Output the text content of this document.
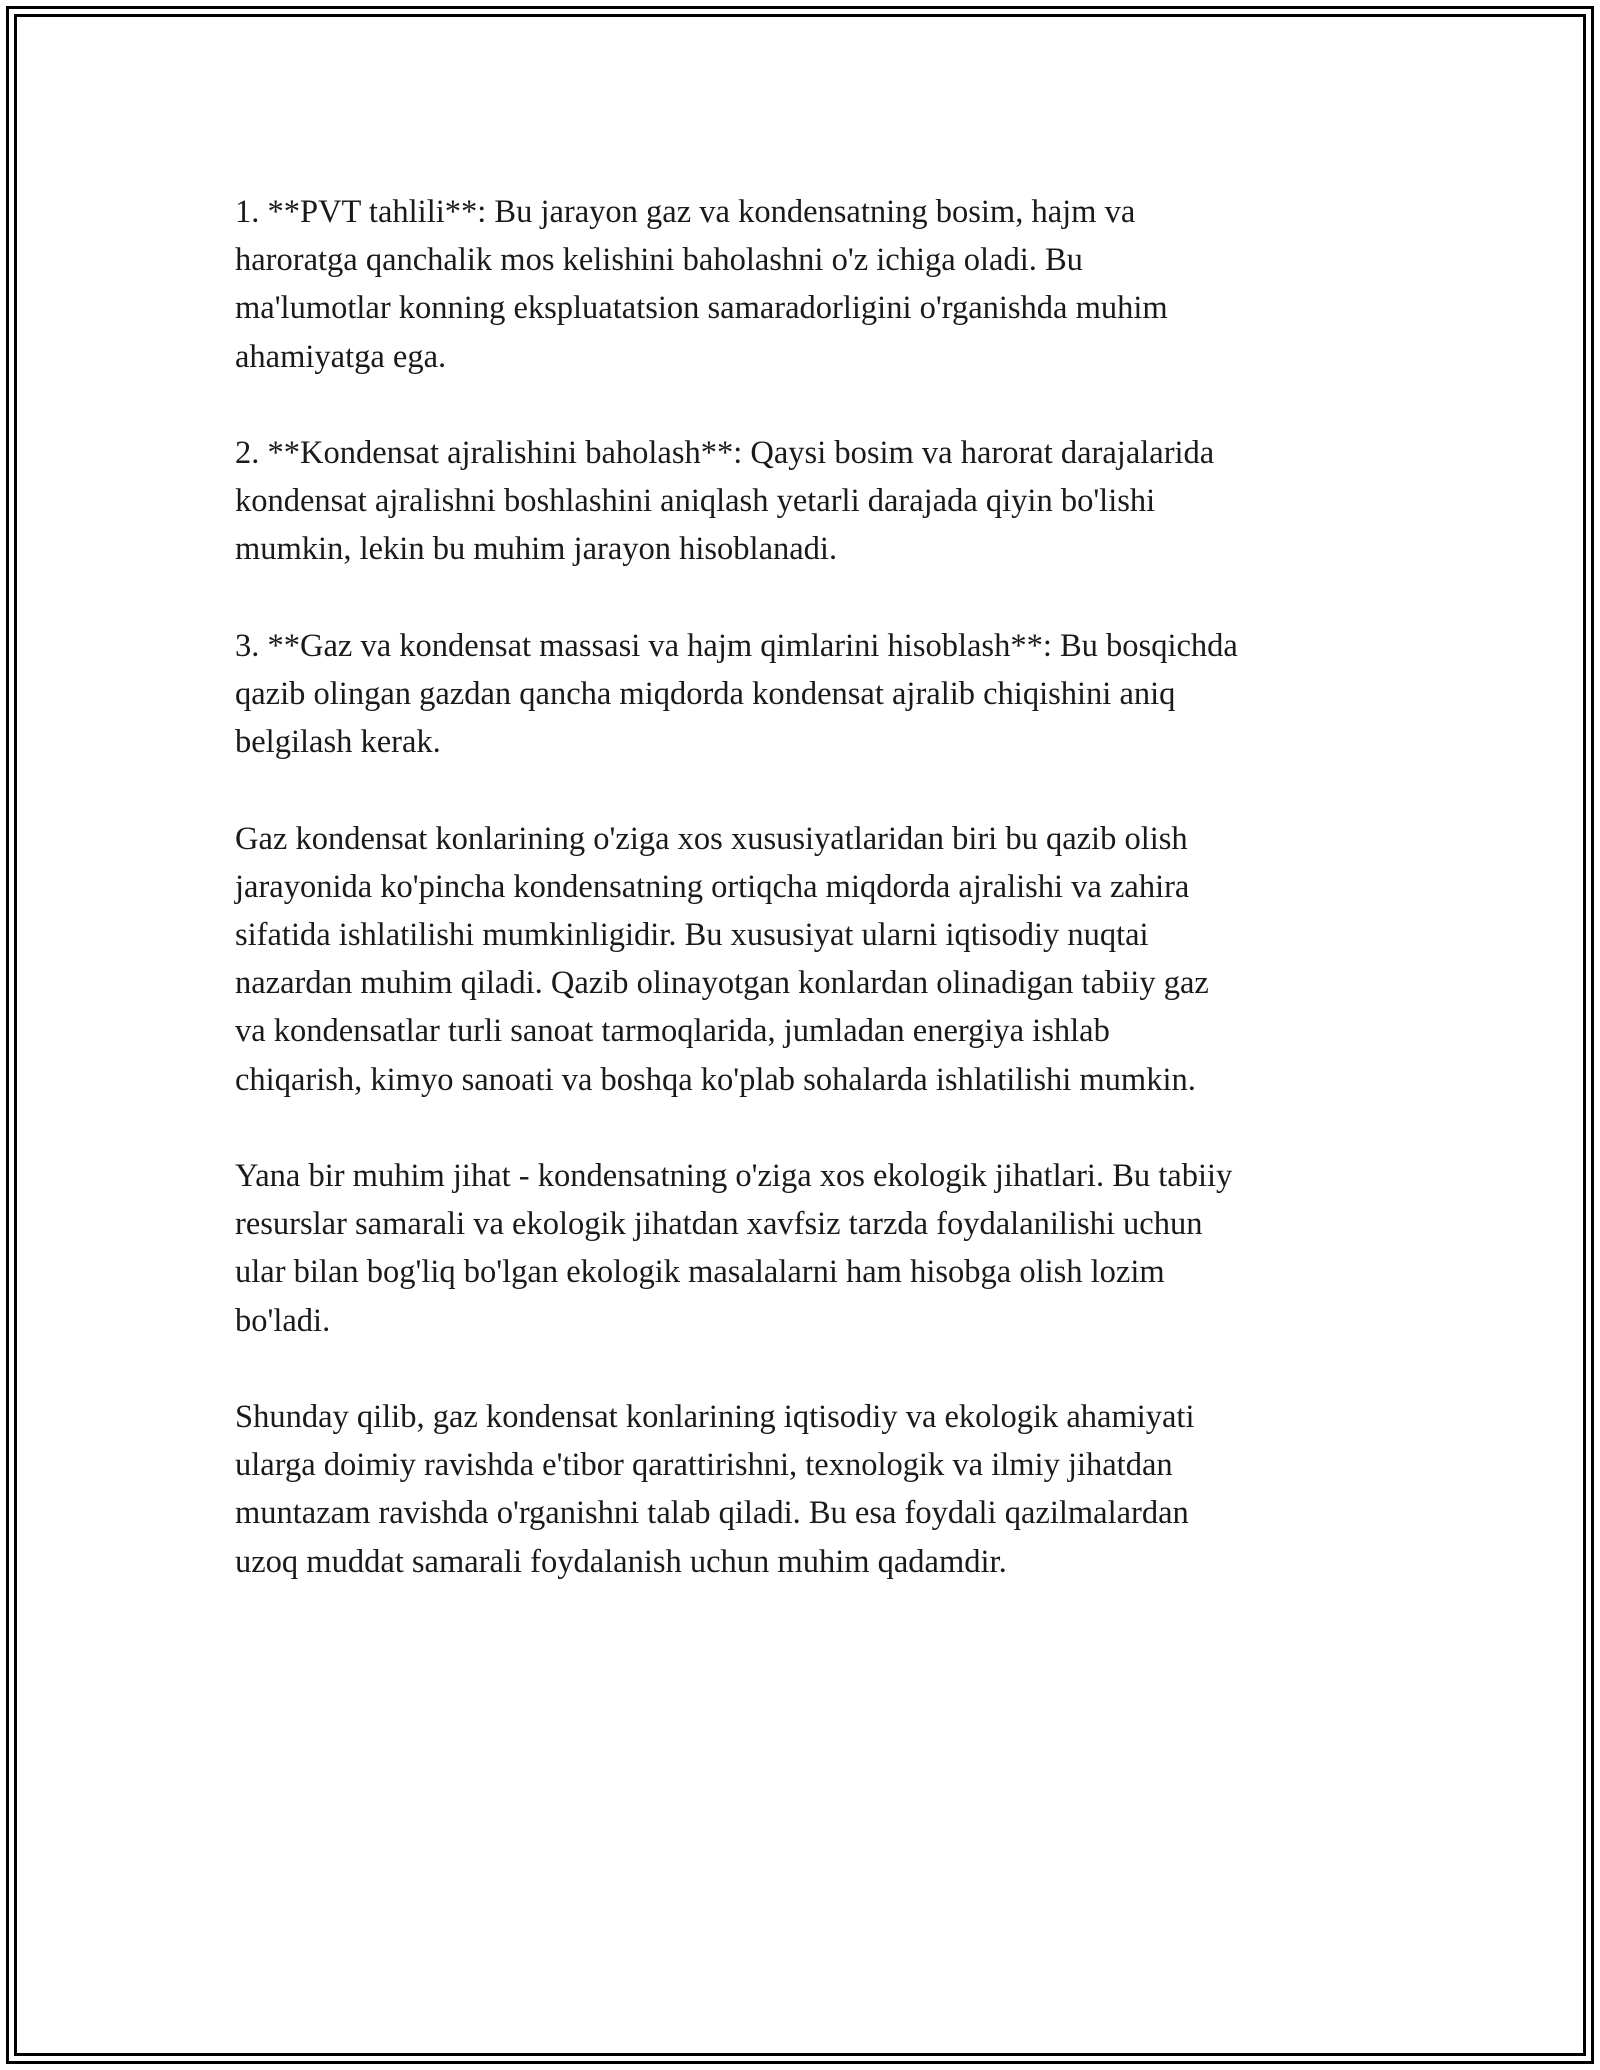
1. **PVT tahlili**: Bu jarayon gaz va kondensatning bosim, hajm va
haroratga qanchalik mos kelishini baholashni o'z ichiga oladi. Bu
ma'lumotlar konning ekspluatatsion samaradorligini o'rganishda muhim
ahamiyatga ega.

2. **Kondensat ajralishini baholash**: Qaysi bosim va harorat darajalarida
kondensat ajralishni boshlashini aniqlash yetarli darajada qiyin bo'lishi
mumkin, lekin bu muhim jarayon hisoblanadi.

3. **Gaz va kondensat massasi va hajm qimlarini hisoblash**: Bu bosqichda
qazib olingan gazdan qancha miqdorda kondensat ajralib chiqishini aniq
belgilash kerak.

Gaz kondensat konlarining o'ziga xos xususiyatlaridan biri bu qazib olish
jarayonida ko'pincha kondensatning ortiqcha miqdorda ajralishi va zahira
sifatida ishlatilishi mumkinligidir. Bu xususiyat ularni iqtisodiy nuqtai
nazardan muhim qiladi. Qazib olinayotgan konlardan olinadigan tabiiy gaz
va kondensatlar turli sanoat tarmoqlarida, jumladan energiya ishlab
chiqarish, kimyo sanoati va boshqa ko'plab sohalarda ishlatilishi mumkin.

Yana bir muhim jihat - kondensatning o'ziga xos ekologik jihatlari. Bu tabiiy
resurslar samarali va ekologik jihatdan xavfsiz tarzda foydalanilishi uchun
ular bilan bog'liq bo'lgan ekologik masalalarni ham hisobga olish lozim
bo'ladi.

Shunday qilib, gaz kondensat konlarining iqtisodiy va ekologik ahamiyati
ularga doimiy ravishda e'tibor qarattirishni, texnologik va ilmiy jihatdan
muntazam ravishda o'rganishni talab qiladi. Bu esa foydali qazilmalardan
uzoq muddat samarali foydalanish uchun muhim qadamdir.
